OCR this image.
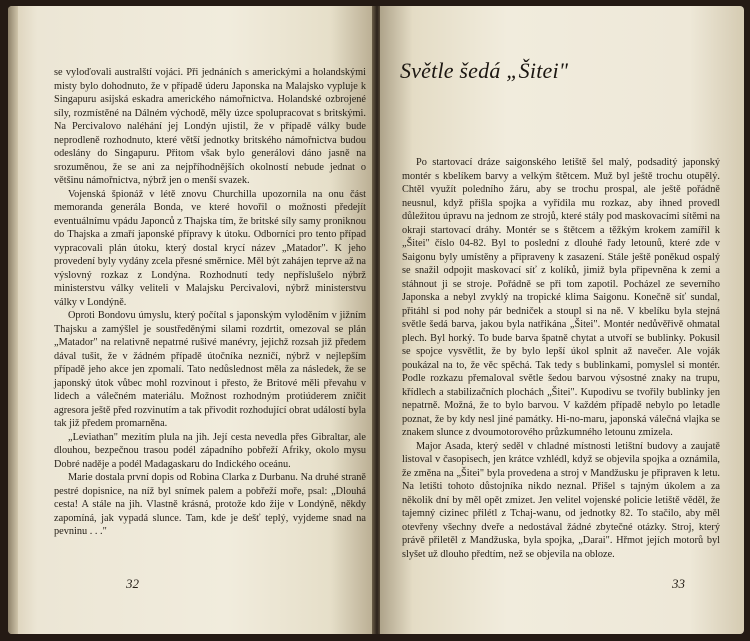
se vyloďovali australští vojáci. Při jednáních s americkými a holandskými misty bylo dohodnuto, že v případě úderu Japonska na Malajsko vypluje k Singapuru asijská eskadra amerického námořnictva. Holandské ozbrojené síly, rozmístěné na Dálném východě, měly úzce spolupracovat s britskými. Na Percivalovo naléhání jej Londýn ujistil, že v případě války bude neprodleně rozhodnuto, které větší jednotky britského námořnictva budou odeslány do Singapuru. Přitom však bylo generálovi dáno jasně na srozuměnou, že se ani za nejpříhodnějších okolností nebude jednat o většinu námořnictva, nýbrž jen o menší svazek.

Vojenská špionáž v létě znovu Churchilla upozornila na onu část memoranda generála Bonda, ve které hovořil o možnosti předejít eventuálnímu vpádu Japonců z Thajska tím, že britské síly samy proniknou do Thajska a zmaří japonské přípravy k útoku. Odborníci pro tento případ vypracovali plán útoku, který dostal krycí název „Matador". K jeho provedení byly vydány zcela přesné směrnice. Měl být zahájen teprve až na výslovný rozkaz z Londýna. Rozhodnutí tedy nepříslušelo nýbrž ministerstvu války veliteli v Malajsku Percivalovi, nýbrž ministerstvu války v Londýně.

Oproti Bondovu úmyslu, který počítal s japonským vyloděním v jižním Thajsku a zamýšlel je soustředěnými silami rozdrtit, omezoval se plán „Matador" na relativně nepatrné rušivé manévry, jejichž rozsah již předem dával tušit, že v žádném případě útočníka nezničí, nýbrž v nejlepším případě jeho akce jen zpomalí. Tato nedůslednost měla za následek, že se japonský útok vůbec mohl rozvinout i přesto, že Britové měli převahu v lidech a válečném materiálu. Možnost rozhodným protiúderem zničit agresora ještě před rozvinutím a tak přivodit rozhodující obrat událostí byla tak již předem promarněna.

„Leviathan" mezitím plula na jih. Její cesta nevedla přes Gibraltar, ale dlouhou, bezpečnou trasou podél západního pobřeží Afriky, okolo mysu Dobré naděje a podél Madagaskaru do Indického oceánu.

Marie dostala první dopis od Robina Clarka z Durbanu. Na druhé straně pestré dopisnice, na níž byl snímek palem a pobřeží moře, psal: „Dlouhá cesta! A stále na jih. Vlastně krásná, protože kdo žije v Londýně, někdy zapomíná, jak vypadá slunce. Tam, kde je dešť teplý, vyjdeme snad na pevninu . . ."

32
Světle šedá „Šitei"

Po startovací dráze saigonského letiště šel malý, podsaditý japonský montér s kbelíkem barvy a velkým štětcem. Muž byl ještě trochu otupělý. Chtěl využít poledního žáru, aby se trochu prospal, ale ještě pořádně neusnul, když přišla spojka a vyřídila mu rozkaz, aby ihned provedl důležitou úpravu na jednom ze strojů, které stály pod maskovacími sítěmi na okraji startovací dráhy. Montér se s štětcem a těžkým krokem zamířil k „Šitei" číslo 04-82. Byl to poslední z dlouhé řady letounů, které zde v Saigonu byly umístěny a připraveny k zasazení. Stále ještě poněkud ospalý se snažil odpojit maskovací síť z kolíků, jimiž byla připevněna k zemi a stáhnout ji se stroje. Pořádně se při tom zapotil. Pocházel ze severního Japonska a nebyl zvyklý na tropické klima Saigonu. Konečně síť sundal, přitáhl si pod nohy pár bedniček a stoupl si na ně. V kbelíku byla stejná světle šedá barva, jakou byla natřikána „Šitei". Montér nedůvěřivě ohmatal plech. Byl horký. To bude barva špatně chytat a utvoří se bublinky. Pokusil se spojce vysvětlit, že by bylo lepší úkol splnit až navečer. Ale voják poukázal na to, že věc spěchá. Tak tedy s bublinkami, pomyslel si montér. Podle rozkazu přemaloval světle šedou barvou výsostné znaky na trupu, křídlech a stabilizačních plochách „Šitei". Kupodivu se tvořily bublinky jen nepatrně. Možná, že to bylo barvou. V každém případě nebylo po letadle poznat, že by kdy nesl jiné památky. Hi-no-maru, japonská válečná vlajka se znakem slunce z dvoumotorového průzkumného letounu zmizela.

Major Asada, který seděl v chladné místnosti letištní budovy a zaujatě listoval v časopisech, jen krátce vzhlédl, když se objevila spojka a oznámila, že změna na „Šitei" byla provedena a stroj v Mandžusku je připraven k letu. Na letišti tohoto důstojníka nikdo neznal. Přišel s tajným úkolem a za několik dní by měl opět zmizet. Jen velitel vojenské policie letiště věděl, že tajemný cizinec přilétl z Tchaj-wanu, od jednotky 82. To stačilo, aby měl otevřeny všechny dveře a nedostával žádné zbytečné otázky. Stroj, který právě přiletěl z Mandžuska, byla spojka, „Darai". Hřmot jejích motorů byl slyšet už dlouho předtím, než se objevila na obloze.

33
